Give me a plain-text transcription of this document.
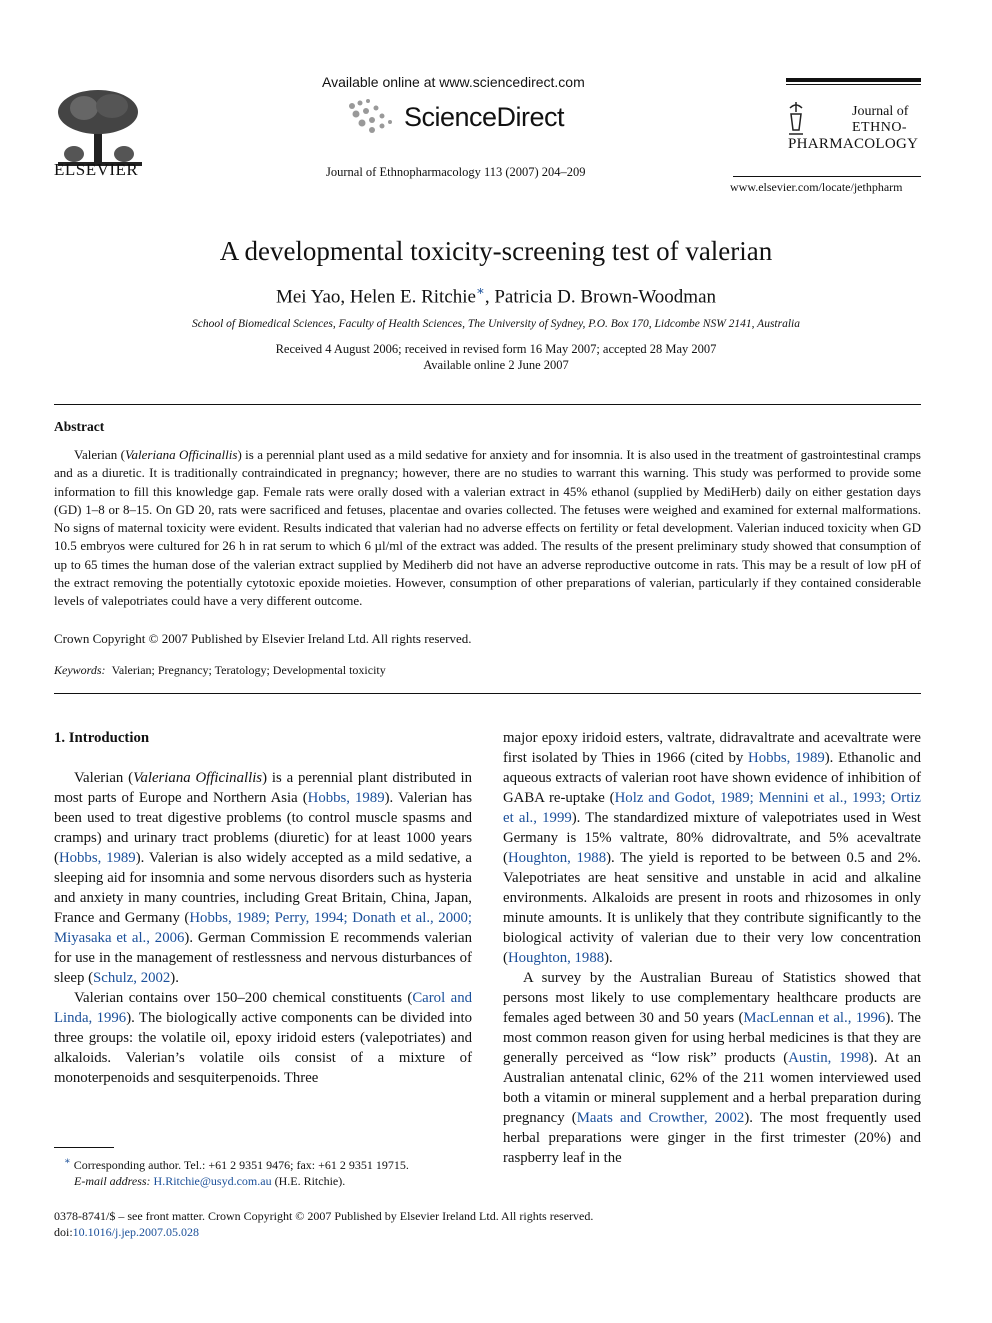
ELSEVIER
Available online at www.sciencedirect.com
ScienceDirect
Journal of Ethnopharmacology 113 (2007) 204–209
Journal of
ETHNO-
PHARMACOLOGY
www.elsevier.com/locate/jethpharm
A developmental toxicity-screening test of valerian
Mei Yao, Helen E. Ritchie∗, Patricia D. Brown-Woodman
School of Biomedical Sciences, Faculty of Health Sciences, The University of Sydney, P.O. Box 170, Lidcombe NSW 2141, Australia
Received 4 August 2006; received in revised form 16 May 2007; accepted 28 May 2007
Available online 2 June 2007
Abstract

Valerian (Valeriana Officinallis) is a perennial plant used as a mild sedative for anxiety and for insomnia. It is also used in the treatment of gastrointestinal cramps and as a diuretic. It is traditionally contraindicated in pregnancy; however, there are no studies to warrant this warning. This study was performed to provide some information to fill this knowledge gap. Female rats were orally dosed with a valerian extract in 45% ethanol (supplied by MediHerb) daily on either gestation days (GD) 1–8 or 8–15. On GD 20, rats were sacrificed and fetuses, placentae and ovaries collected. The fetuses were weighed and examined for external malformations. No signs of maternal toxicity were evident. Results indicated that valerian had no adverse effects on fertility or fetal development. Valerian induced toxicity when GD 10.5 embryos were cultured for 26 h in rat serum to which 6 µl/ml of the extract was added. The results of the present preliminary study showed that consumption of up to 65 times the human dose of the valerian extract supplied by Mediherb did not have an adverse reproductive outcome in rats. This may be a result of low pH of the extract removing the potentially cytotoxic epoxide moieties. However, consumption of other preparations of valerian, particularly if they contained considerable levels of valepotriates could have a very different outcome.

Crown Copyright © 2007 Published by Elsevier Ireland Ltd. All rights reserved.
Keywords: Valerian; Pregnancy; Teratology; Developmental toxicity
1. Introduction

Valerian (Valeriana Officinallis) is a perennial plant distributed in most parts of Europe and Northern Asia (Hobbs, 1989). Valerian has been used to treat digestive problems (to control muscle spasms and cramps) and urinary tract problems (diuretic) for at least 1000 years (Hobbs, 1989). Valerian is also widely accepted as a mild sedative, a sleeping aid for insomnia and some nervous disorders such as hysteria and anxiety in many countries, including Great Britain, China, Japan, France and Germany (Hobbs, 1989; Perry, 1994; Donath et al., 2000; Miyasaka et al., 2006). German Commission E recommends valerian for use in the management of restlessness and nervous disturbances of sleep (Schulz, 2002).

Valerian contains over 150–200 chemical constituents (Carol and Linda, 1996). The biologically active components can be divided into three groups: the volatile oil, epoxy iridoid esters (valepotriates) and alkaloids. Valerian’s volatile oils consist of a mixture of monoterpenoids and sesquiterpenoids. Three

major epoxy iridoid esters, valtrate, didravaltrate and acevaltrate were first isolated by Thies in 1966 (cited by Hobbs, 1989). Ethanolic and aqueous extracts of valerian root have shown evidence of inhibition of GABA re-uptake (Holz and Godot, 1989; Mennini et al., 1993; Ortiz et al., 1999). The standardized mixture of valepotriates used in West Germany is 15% valtrate, 80% didrovaltrate, and 5% acevaltrate (Houghton, 1988). The yield is reported to be between 0.5 and 2%. Valepotriates are heat sensitive and unstable in acid and alkaline environments. Alkaloids are present in roots and rhizosomes in only minute amounts. It is unlikely that they contribute significantly to the biological activity of valerian due to their very low concentration (Houghton, 1988).

A survey by the Australian Bureau of Statistics showed that persons most likely to use complementary healthcare products are females aged between 30 and 50 years (MacLennan et al., 1996). The most common reason given for using herbal medicines is that they are generally perceived as “low risk” products (Austin, 1998). At an Australian antenatal clinic, 62% of the 211 women interviewed used both a vitamin or mineral supplement and a herbal preparation during pregnancy (Maats and Crowther, 2002). The most frequently used herbal preparations were ginger in the first trimester (20%) and raspberry leaf in the

∗ Corresponding author. Tel.: +61 2 9351 9476; fax: +61 2 9351 19715.
E-mail address: H.Ritchie@usyd.com.au (H.E. Ritchie).
0378-8741/$ – see front matter. Crown Copyright © 2007 Published by Elsevier Ireland Ltd. All rights reserved.
doi:10.1016/j.jep.2007.05.028
